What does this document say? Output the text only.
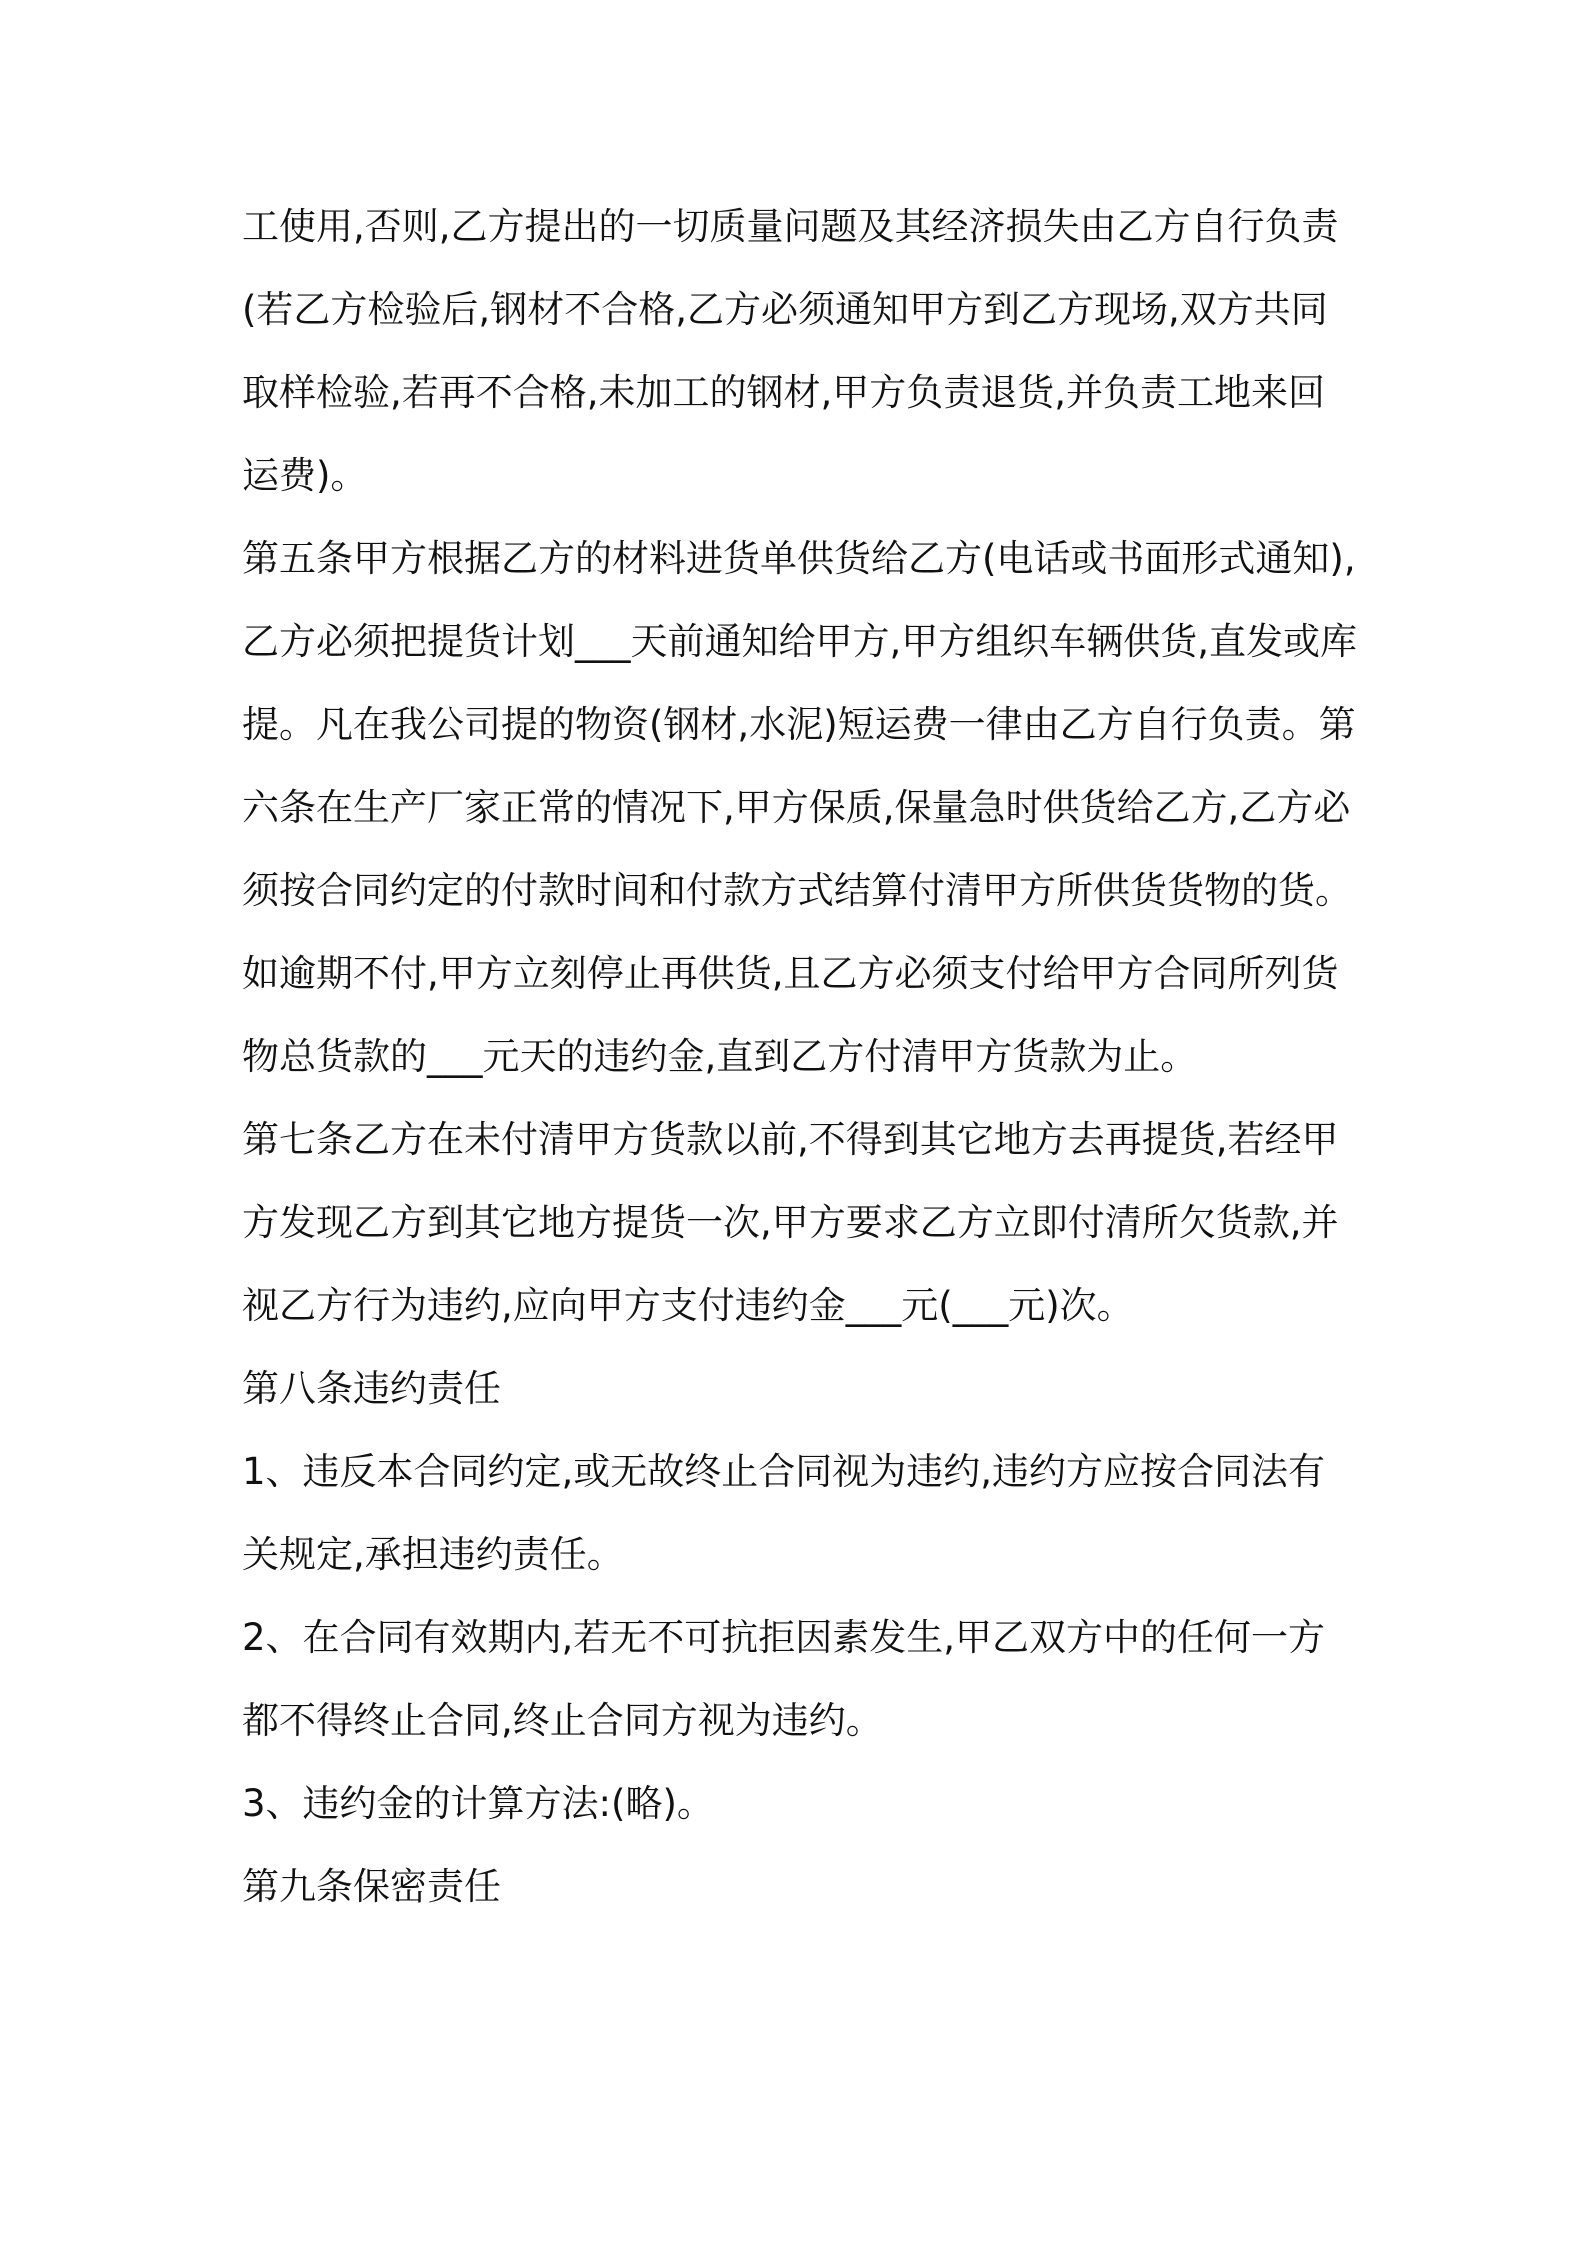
工使用,否则,乙方提出的一切质量问题及其经济损失由乙方自行负责(若乙方检验后,钢材不合格,乙方必须通知甲方到乙方现场,双方共同取样检验,若再不合格,未加工的钢材,甲方负责退货,并负责工地来回运费)。

第五条甲方根据乙方的材料进货单供货给乙方(电话或书面形式通知),乙方必须把提货计划___天前通知给甲方,甲方组织车辆供货,直发或库提。凡在我公司提的物资(钢材,水泥)短运费一律由乙方自行负责。第六条在生产厂家正常的情况下,甲方保质,保量急时供货给乙方,乙方必须按合同约定的付款时间和付款方式结算付清甲方所供货货物的货。

如逾期不付,甲方立刻停止再供货,且乙方必须支付给甲方合同所列货物总货款的___元天的违约金,直到乙方付清甲方货款为止。

第七条乙方在未付清甲方货款以前,不得到其它地方去再提货,若经甲方发现乙方到其它地方提货一次,甲方要求乙方立即付清所欠货款,并视乙方行为违约,应向甲方支付违约金___元(___元)次。

第八条违约责任

1、违反本合同约定,或无故终止合同视为违约,违约方应按合同法有关规定,承担违约责任。

2、在合同有效期内,若无不可抗拒因素发生,甲乙双方中的任何一方都不得终止合同,终止合同方视为违约。

3、违约金的计算方法:(略)。

第九条保密责任
